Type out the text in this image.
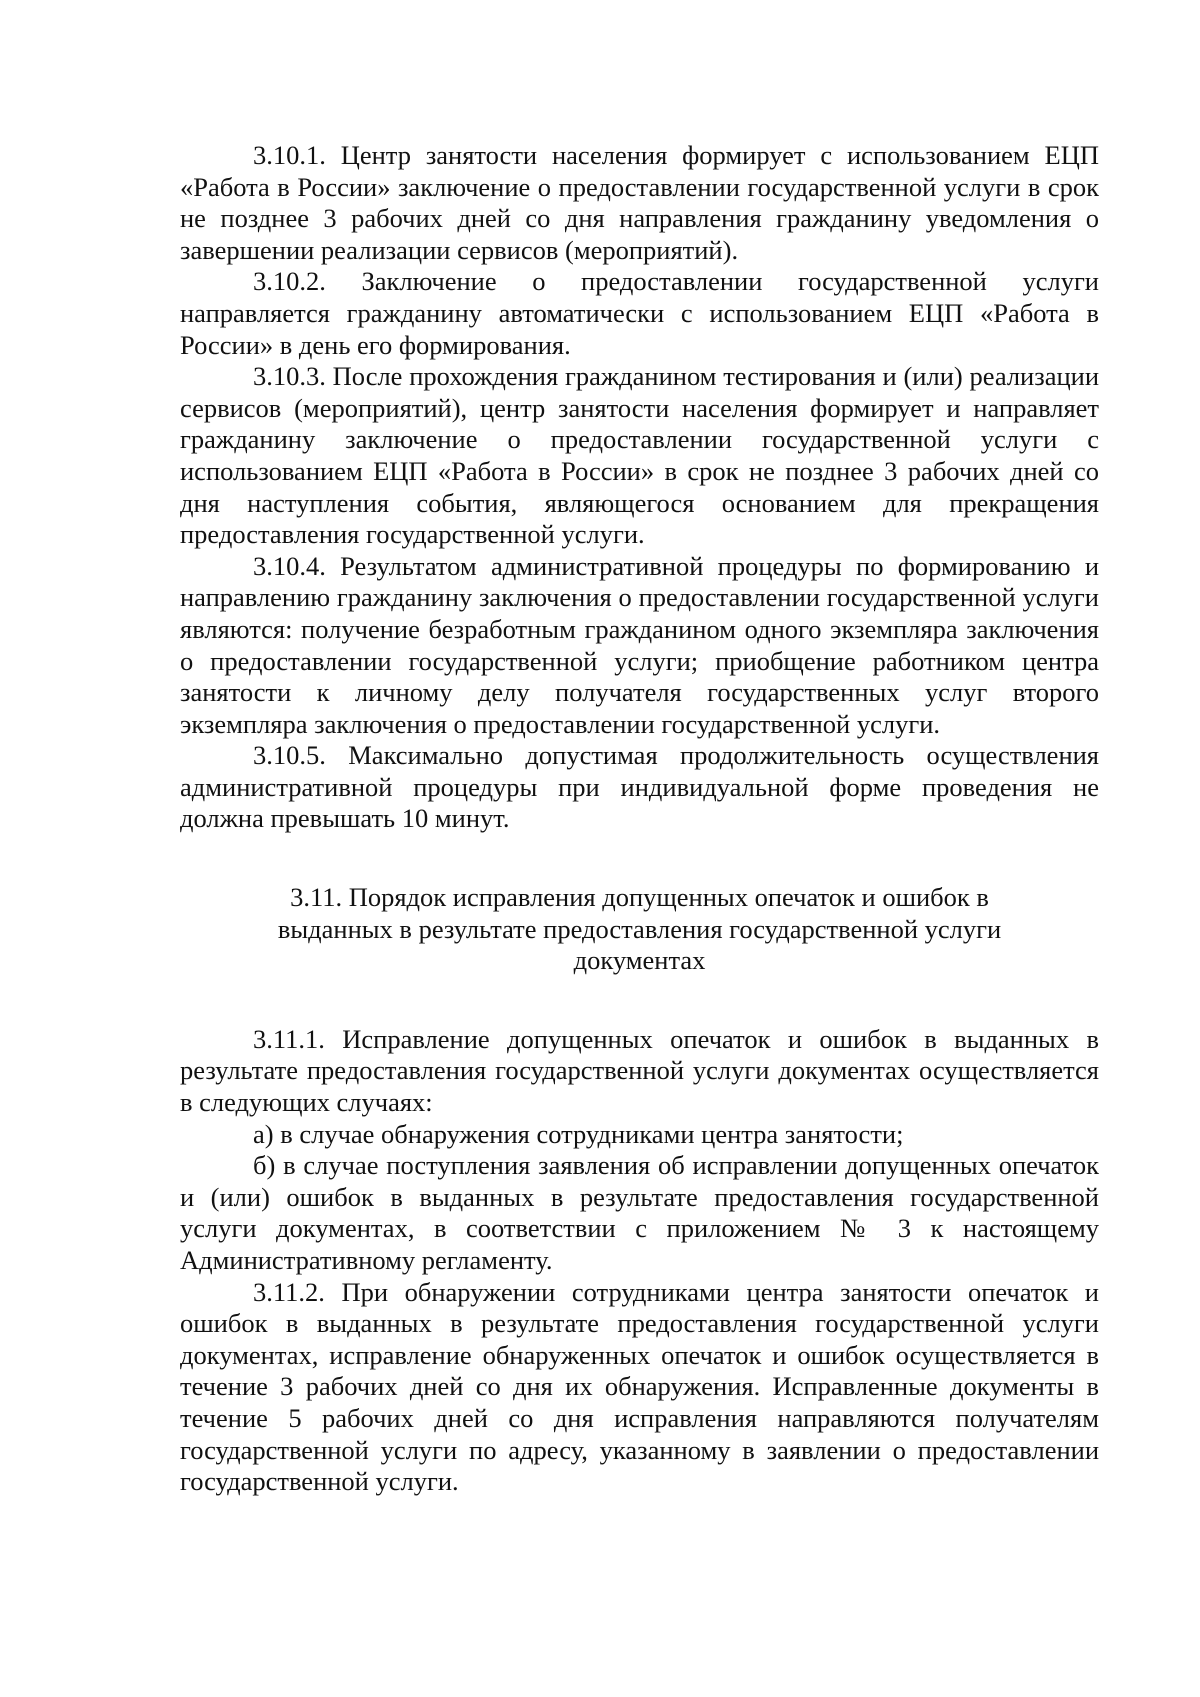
3.10.1. Центр занятости населения формирует с использованием ЕЦП «Работа в России» заключение о предоставлении государственной услуги в срок не позднее 3 рабочих дней со дня направления гражданину уведомления о завершении реализации сервисов (мероприятий).

3.10.2. Заключение о предоставлении государственной услуги направляется гражданину автоматически с использованием ЕЦП «Работа в России» в день его формирования.

3.10.3. После прохождения гражданином тестирования и (или) реализации сервисов (мероприятий), центр занятости населения формирует и направляет гражданину заключение о предоставлении государственной услуги с использованием ЕЦП «Работа в России» в срок не позднее 3 рабочих дней со дня наступления события, являющегося основанием для прекращения предоставления государственной услуги.

3.10.4. Результатом административной процедуры по формированию и направлению гражданину заключения о предоставлении государственной услуги являются: получение безработным гражданином одного экземпляра заключения о предоставлении государственной услуги; приобщение работником центра занятости к личному делу получателя государственных услуг второго экземпляра заключения о предоставлении государственной услуги.

3.10.5. Максимально допустимая продолжительность осуществления административной процедуры при индивидуальной форме проведения не должна превышать 10 минут.

3.11. Порядок исправления допущенных опечаток и ошибок в выданных в результате предоставления государственной услуги документах

3.11.1. Исправление допущенных опечаток и ошибок в выданных в результате предоставления государственной услуги документах осуществляется в следующих случаях:

а) в случае обнаружения сотрудниками центра занятости;

б) в случае поступления заявления об исправлении допущенных опечаток и (или) ошибок в выданных в результате предоставления государственной услуги документах, в соответствии с приложением № 3 к настоящему Административному регламенту.

3.11.2. При обнаружении сотрудниками центра занятости опечаток и ошибок в выданных в результате предоставления государственной услуги документах, исправление обнаруженных опечаток и ошибок осуществляется в течение 3 рабочих дней со дня их обнаружения. Исправленные документы в течение 5 рабочих дней со дня исправления направляются получателям государственной услуги по адресу, указанному в заявлении о предоставлении государственной услуги.
